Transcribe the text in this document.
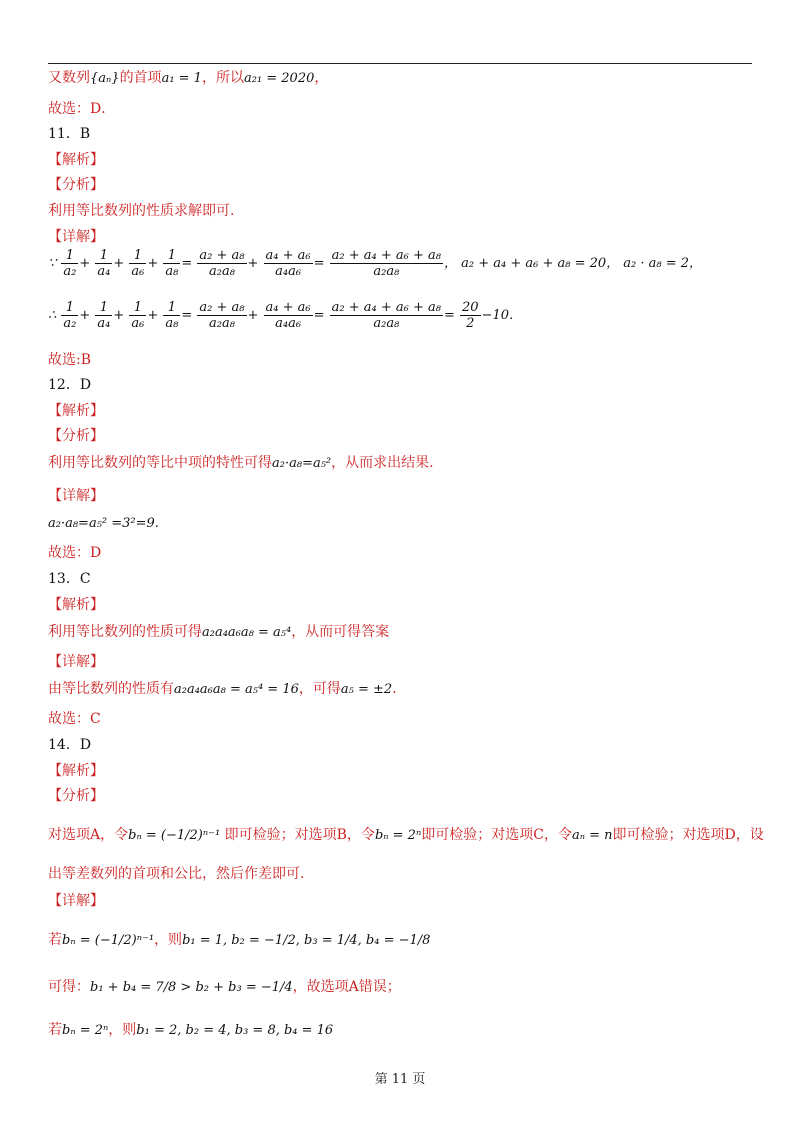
又数列{aₙ}的首项a₁ = 1，所以a₂₁ = 2020，
故选：D．
11．B
【解析】
【分析】
利用等比数列的性质求解即可.
【详解】
∵ $\frac{1}{\text{a₂}} + \frac{1}{\text{a₄}} + \frac{1}{\text{a₆}} + \frac{1}{\text{a₈}} = \frac{\text{a₂ + a₈}}{\text{a₂a₈}} + \frac{\text{a₄ + a₆}}{\text{a₄a₆}} = \frac{\text{a₂ + a₄ + a₆ + a₈}}{\text{a₂a₈}}$ ， a₂ + a₄ + a₆ + a₈ = 20， a₂ · a₈ = 2，
∴ $\frac{1}{\text{a₂}} + \frac{1}{\text{a₄}} + \frac{1}{\text{a₆}} + \frac{1}{\text{a₈}} = \frac{\text{a₂ + a₈}}{\text{a₂a₈}} + \frac{\text{a₄ + a₆}}{\text{a₄a₆}} = \frac{\text{a₂ + a₄ + a₆ + a₈}}{\text{a₂a₈}} = \frac{20}{2} -10$．
故选:B
12．D
【解析】
【分析】
利用等比数列的等比中项的特性可得a₂·a₈=a₅²，从而求出结果.
【详解】
a₂·a₈=a₅² =3²=9.
故选：D
13．C
【解析】
利用等比数列的性质可得a₂a₄a₆a₈ = a₅⁴，从而可得答案
【详解】
由等比数列的性质有a₂a₄a₆a₈ = a₅⁴ = 16，可得a₅ = ±2．
故选：C
14．D
【解析】
【分析】
对选项A，令bₙ = (−1/2)ⁿ⁻¹ 即可检验；对选项B，令bₙ = 2ⁿ即可检验；对选项C，令aₙ = n即可检验；对选项D，设
出等差数列的首项和公比，然后作差即可.
【详解】
若bₙ = (−1/2)ⁿ⁻¹，则b₁ = 1, b₂ = −1/2, b₃ = 1/4, b₄ = −1/8
可得：b₁ + b₄ = 7/8 > b₂ + b₃ = −1/4，故选项A错误；
若bₙ = 2ⁿ，则b₁ = 2, b₂ = 4, b₃ = 8, b₄ = 16
第 11 页
